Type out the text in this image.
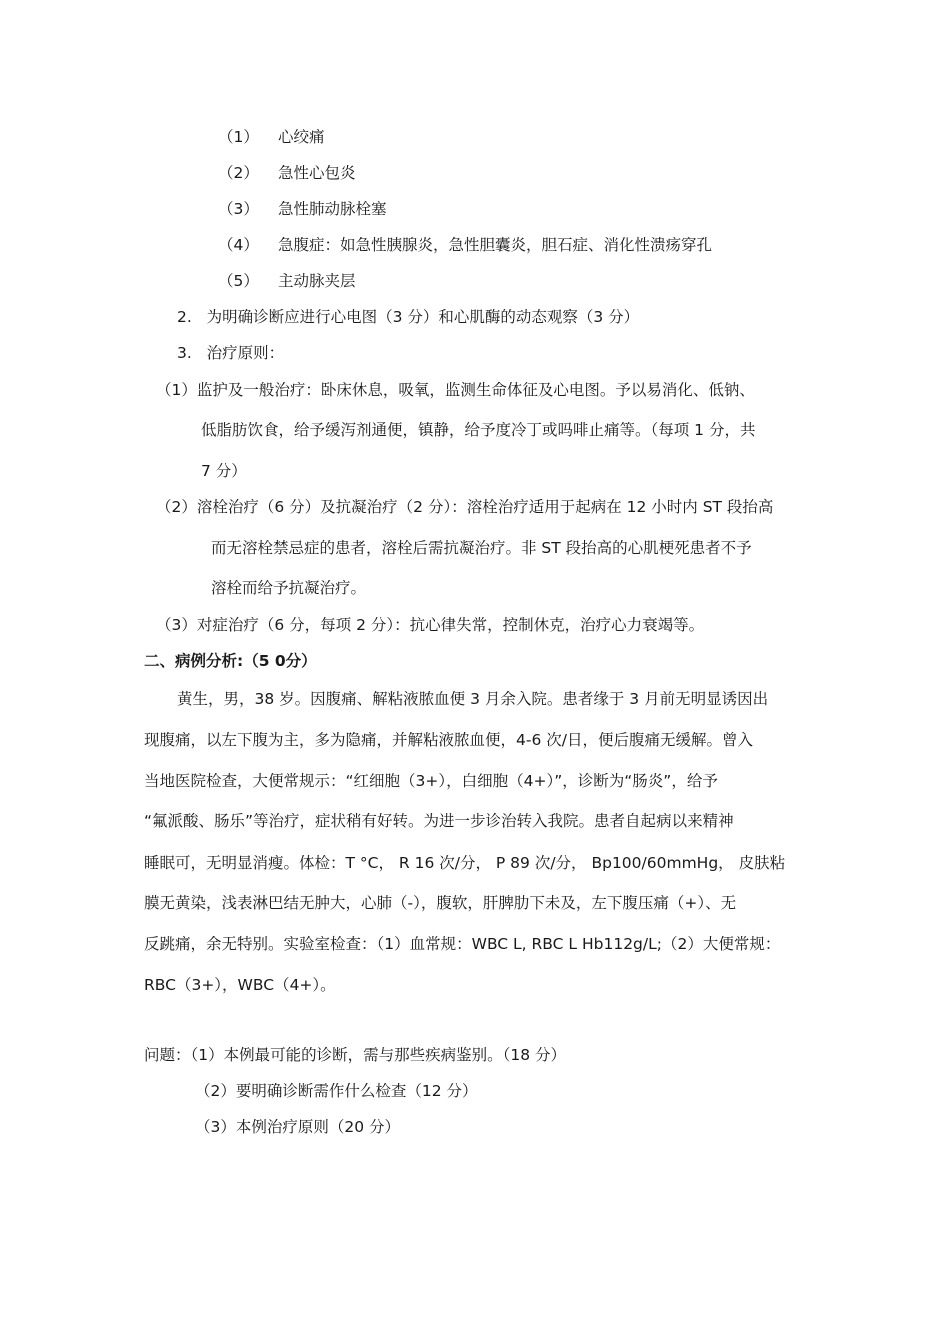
（1） 心绞痛
（2） 急性心包炎
（3） 急性肺动脉栓塞
（4） 急腹症：如急性胰腺炎，急性胆囊炎，胆石症、消化性溃疡穿孔
（5） 主动脉夹层
2.   为明确诊断应进行心电图（3 分）和心肌酶的动态观察（3 分）
3.   治疗原则：
（1）监护及一般治疗：卧床休息，吸氧，监测生命体征及心电图。予以易消化、低钠、
低脂肪饮食，给予缓泻剂通便，镇静，给予度冷丁或吗啡止痛等。（每项 1 分，共
7 分）
（2）溶栓治疗（6 分）及抗凝治疗（2 分）：溶栓治疗适用于起病在 12 小时内 ST 段抬高
而无溶栓禁忌症的患者，溶栓后需抗凝治疗。非 ST 段抬高的心肌梗死患者不予
溶栓而给予抗凝治疗。
（3）对症治疗（6 分，每项 2 分）：抗心律失常，控制休克，治疗心力衰竭等。
二、病例分析:（5 0分）
黄生，男，38 岁。因腹痛、解粘液脓血便 3 月余入院。患者缘于 3 月前无明显诱因出
现腹痛，以左下腹为主，多为隐痛，并解粘液脓血便，4-6 次/日，便后腹痛无缓解。曾入
当地医院检查，大便常规示：“红细胞（3+），白细胞（4+）”，诊断为“肠炎”，给予
“氟派酸、肠乐”等治疗，症状稍有好转。为进一步诊治转入我院。患者自起病以来精神
睡眠可，无明显消瘦。体检：T °C， R 16 次/分， P 89 次/分， Bp100/60mmHg， 皮肤粘
膜无黄染，浅表淋巴结无肿大，心肺（-），腹软，肝脾肋下未及，左下腹压痛（+）、无
反跳痛，余无特别。实验室检查：（1）血常规：WBC L, RBC L Hb112g/L;（2）大便常规：
RBC（3+），WBC（4+）。
问题：（1）本例最可能的诊断，需与那些疾病鉴别。（18 分）
（2）要明确诊断需作什么检查（12 分）
（3）本例治疗原则（20 分）
